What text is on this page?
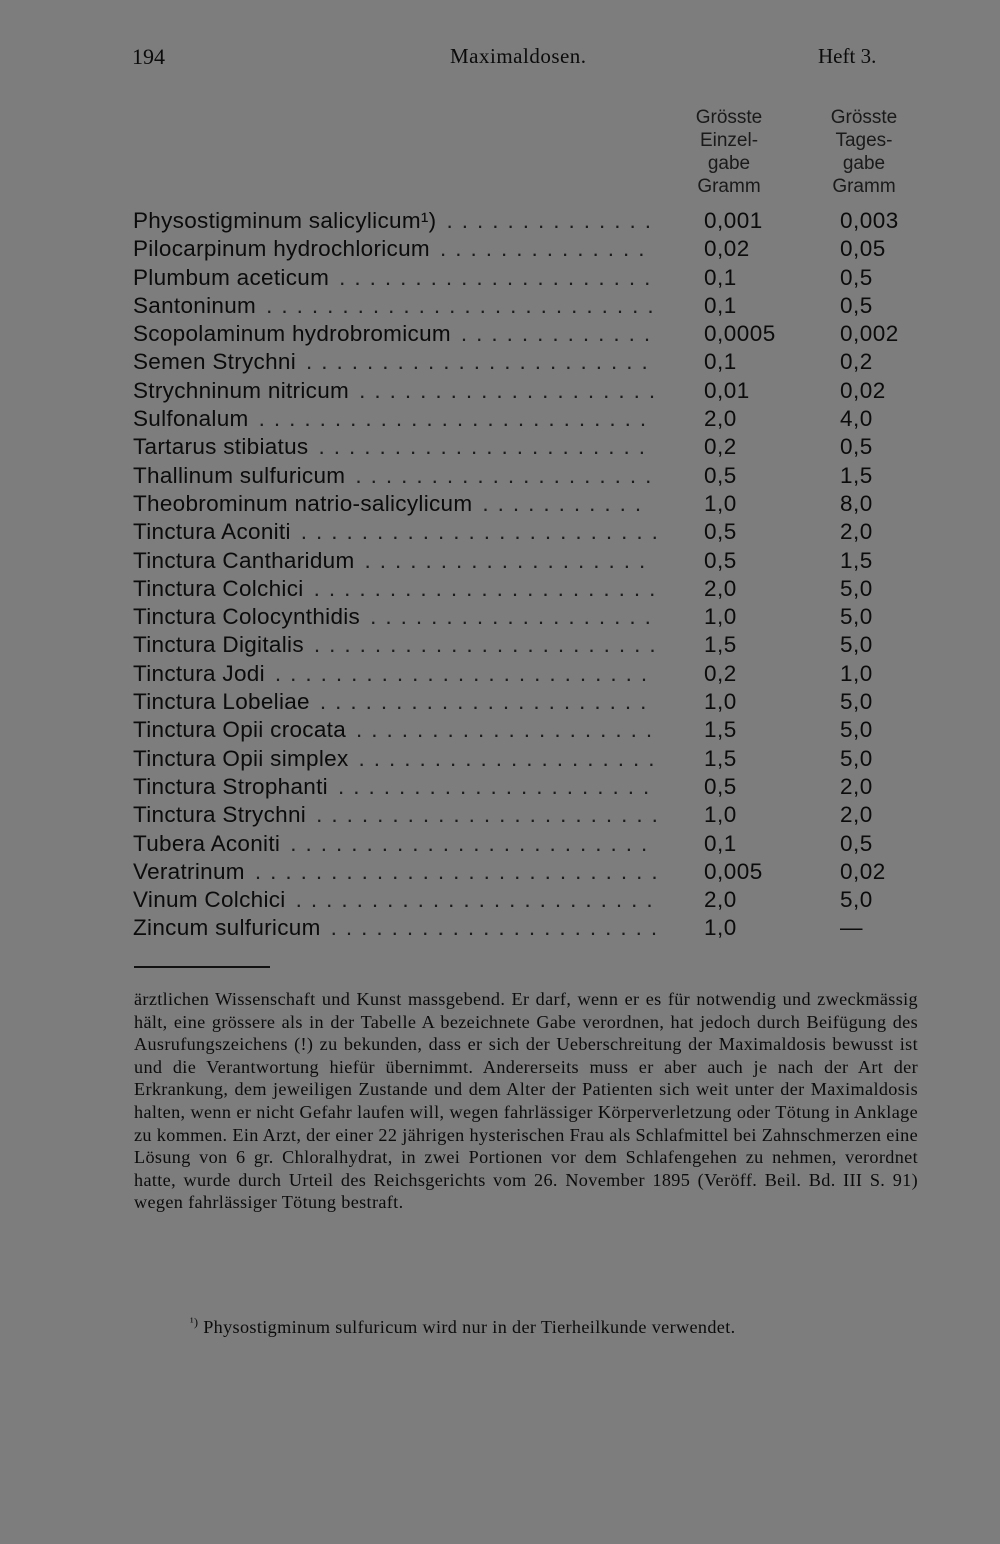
194	Maximaldosen.	Heft 3.
Grösste
Einzel-
gabe
Gramm
Grösste
Tages-
gabe
Gramm
Physostigminum salicylicum¹) .............. 0,001	0,003
Pilocarpinum hydrochloricum .............. 0,02	0,05
Plumbum aceticum ..................... 0,1	0,5
Santoninum .......................... 0,1	0,5
Scopolaminum hydrobromicum ............. 0,0005	0,002
Semen Strychni ....................... 0,1	0,2
Strychninum nitricum .................... 0,01	0,02
Sulfonalum .......................... 2,0	4,0
Tartarus stibiatus ...................... 0,2	0,5
Thallinum sulfuricum .................... 0,5	1,5
Theobrominum natrio-salicylicum ........... 1,0	8,0
Tinctura Aconiti ........................ 0,5	2,0
Tinctura Cantharidum ................... 0,5	1,5
Tinctura Colchici ....................... 2,0	5,0
Tinctura Colocynthidis ................... 1,0	5,0
Tinctura Digitalis ....................... 1,5	5,0
Tinctura Jodi ......................... 0,2	1,0
Tinctura Lobeliae ...................... 1,0	5,0
Tinctura Opii crocata .................... 1,5	5,0
Tinctura Opii simplex .................... 1,5	5,0
Tinctura Strophanti ..................... 0,5	2,0
Tinctura Strychni ....................... 1,0	2,0
Tubera Aconiti ........................ 0,1	0,5
Veratrinum ........................... 0,005	0,02
Vinum Colchici ........................ 2,0	5,0
Zincum sulfuricum ...................... 1,0	—

ärztlichen Wissenschaft und Kunst massgebend. Er darf, wenn er es für notwendig und zweckmässig hält, eine grössere als in der Tabelle A bezeichnete Gabe verordnen, hat jedoch durch Beifügung des Ausrufungszeichens (!) zu bekunden, dass er sich der Ueberschreitung der Maximaldosis bewusst ist und die Verantwortung hiefür übernimmt. Andererseits muss er aber auch je nach der Art der Erkrankung, dem jeweiligen Zustande und dem Alter der Patienten sich weit unter der Maximaldosis halten, wenn er nicht Gefahr laufen will, wegen fahrlässiger Körperverletzung oder Tötung in Anklage zu kommen. Ein Arzt, der einer 22 jährigen hysterischen Frau als Schlafmittel bei Zahnschmerzen eine Lösung von 6 gr. Chloralhydrat, in zwei Portionen vor dem Schlafengehen zu nehmen, verordnet hatte, wurde durch Urteil des Reichsgerichts vom 26. November 1895 (Veröff. Beil. Bd. III S. 91) wegen fahrlässiger Tötung bestraft.

$^{^1)}$ Physostigminum sulfuricum wird nur in der Tierheilkunde verwendet.
